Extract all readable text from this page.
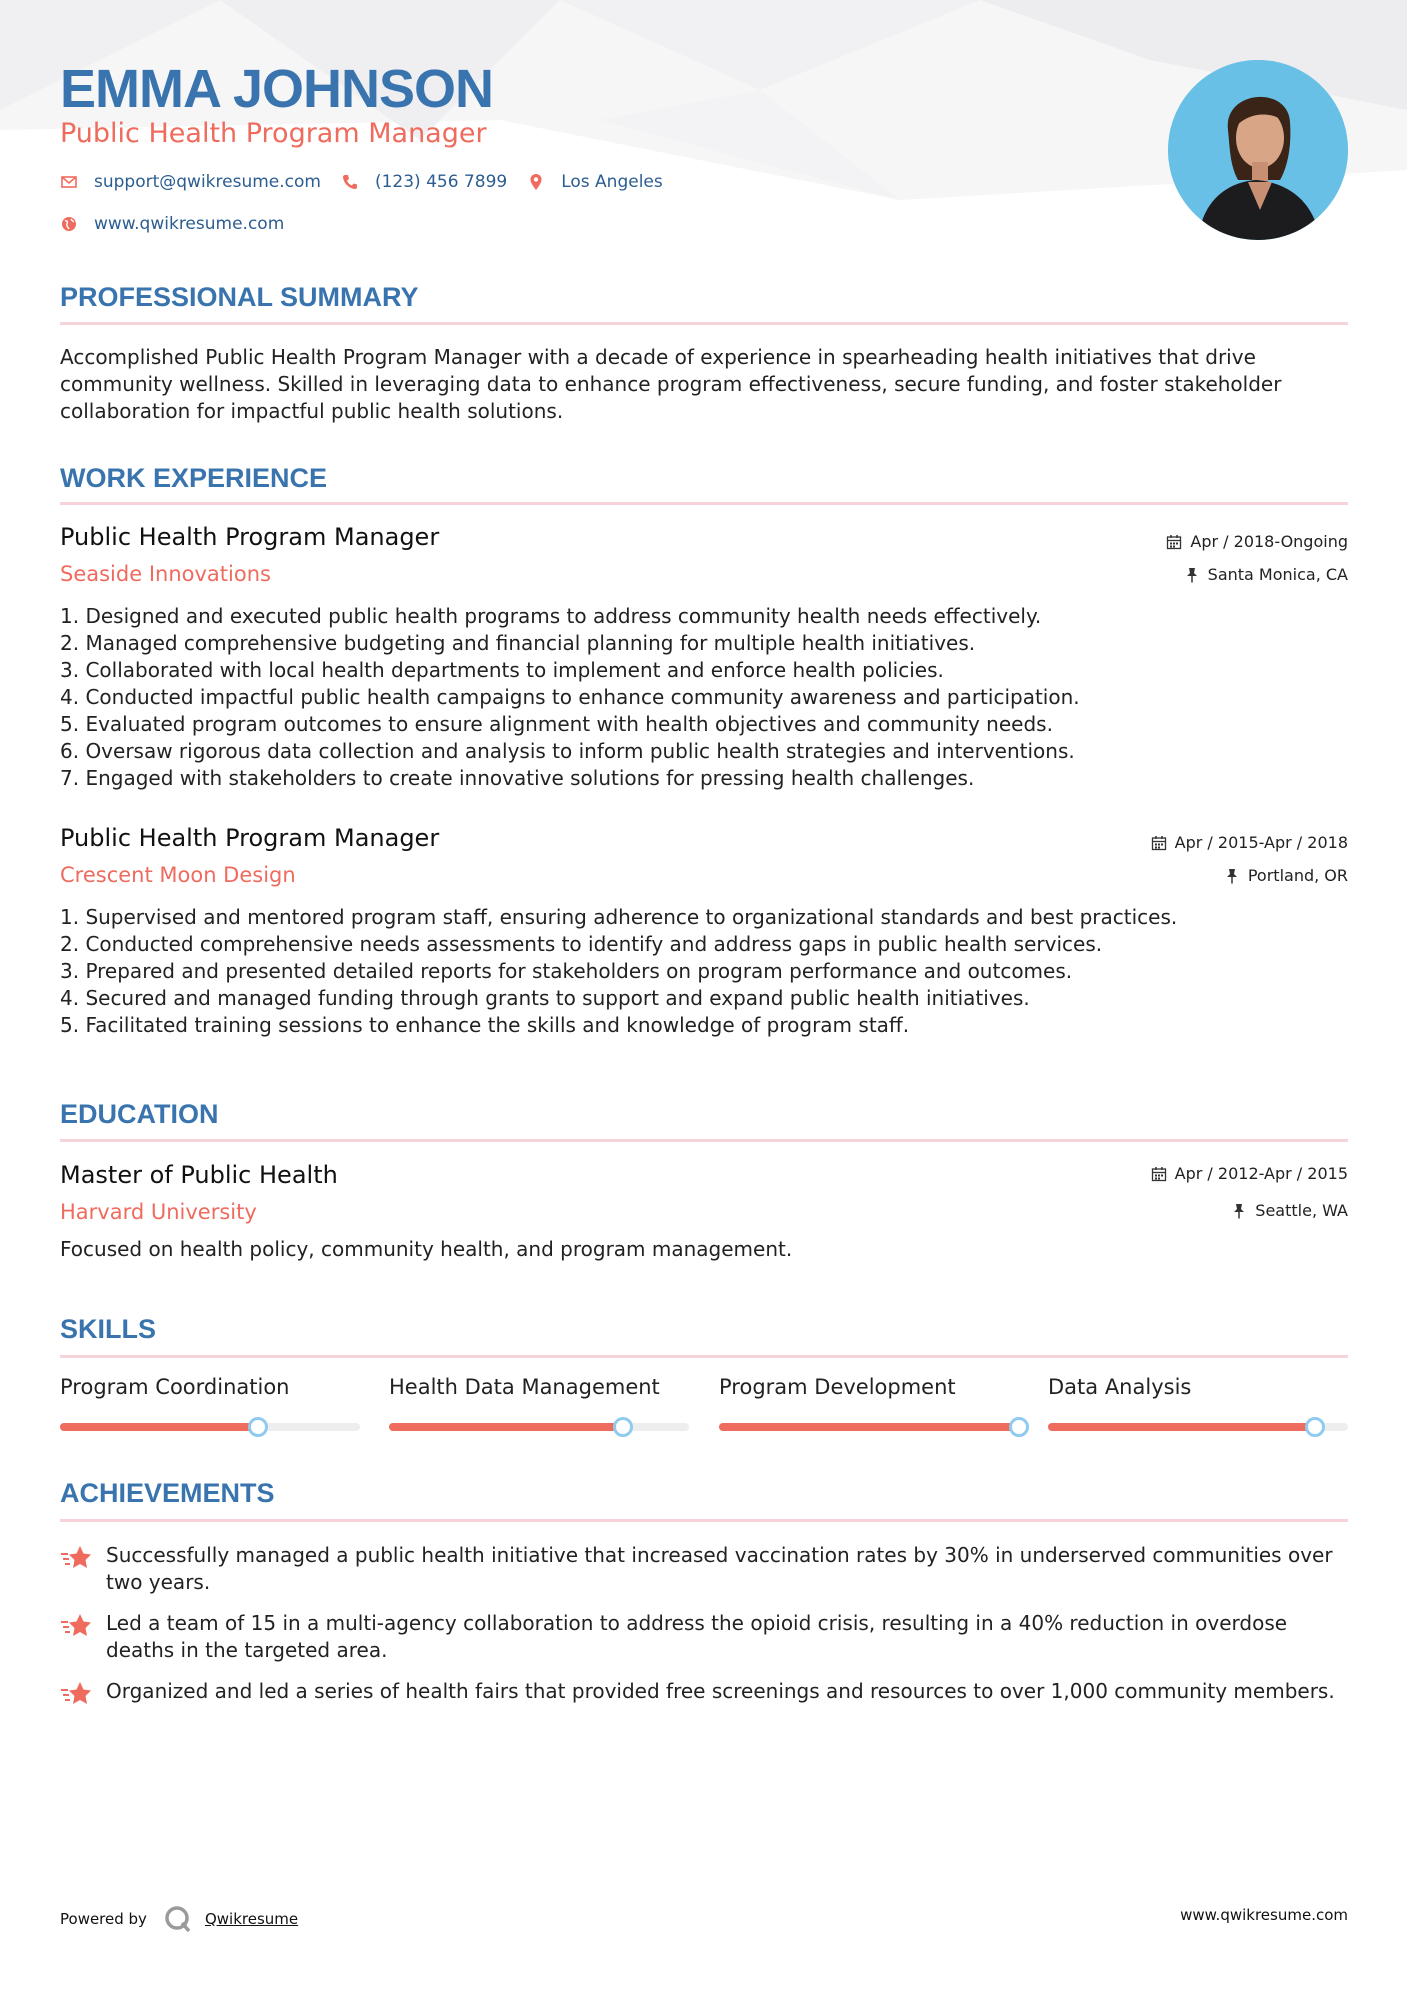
EMMA JOHNSON
Public Health Program Manager
support@qwikresume.com	(123) 456 7899	Los Angeles
www.qwikresume.com
PROFESSIONAL SUMMARY

Accomplished Public Health Program Manager with a decade of experience in spearheading health initiatives that drive community wellness. Skilled in leveraging data to enhance program effectiveness, secure funding, and foster stakeholder collaboration for impactful public health solutions.

WORK EXPERIENCE
Public Health Program Manager
Seaside Innovations
Apr / 2018-Ongoing
Santa Monica, CA
1. Designed and executed public health programs to address community health needs effectively.
2. Managed comprehensive budgeting and financial planning for multiple health initiatives.
3. Collaborated with local health departments to implement and enforce health policies.
4. Conducted impactful public health campaigns to enhance community awareness and participation.
5. Evaluated program outcomes to ensure alignment with health objectives and community needs.
6. Oversaw rigorous data collection and analysis to inform public health strategies and interventions.
7. Engaged with stakeholders to create innovative solutions for pressing health challenges.
Public Health Program Manager
Crescent Moon Design
Apr / 2015-Apr / 2018
Portland, OR
1. Supervised and mentored program staff, ensuring adherence to organizational standards and best practices.
2. Conducted comprehensive needs assessments to identify and address gaps in public health services.
3. Prepared and presented detailed reports for stakeholders on program performance and outcomes.
4. Secured and managed funding through grants to support and expand public health initiatives.
5. Facilitated training sessions to enhance the skills and knowledge of program staff.
EDUCATION
Master of Public Health
Harvard University
Apr / 2012-Apr / 2015
Seattle, WA

Focused on health policy, community health, and program management.

SKILLS
Program Coordination	Health Data Management	Program Development	Data Analysis
ACHIEVEMENTS
Successfully managed a public health initiative that increased vaccination rates by 30% in underserved communities over two years.
Led a team of 15 in a multi-agency collaboration to address the opioid crisis, resulting in a 40% reduction in overdose deaths in the targeted area.
Organized and led a series of health fairs that provided free screenings and resources to over 1,000 community members.
Powered by	Qwikresume	www.qwikresume.com
